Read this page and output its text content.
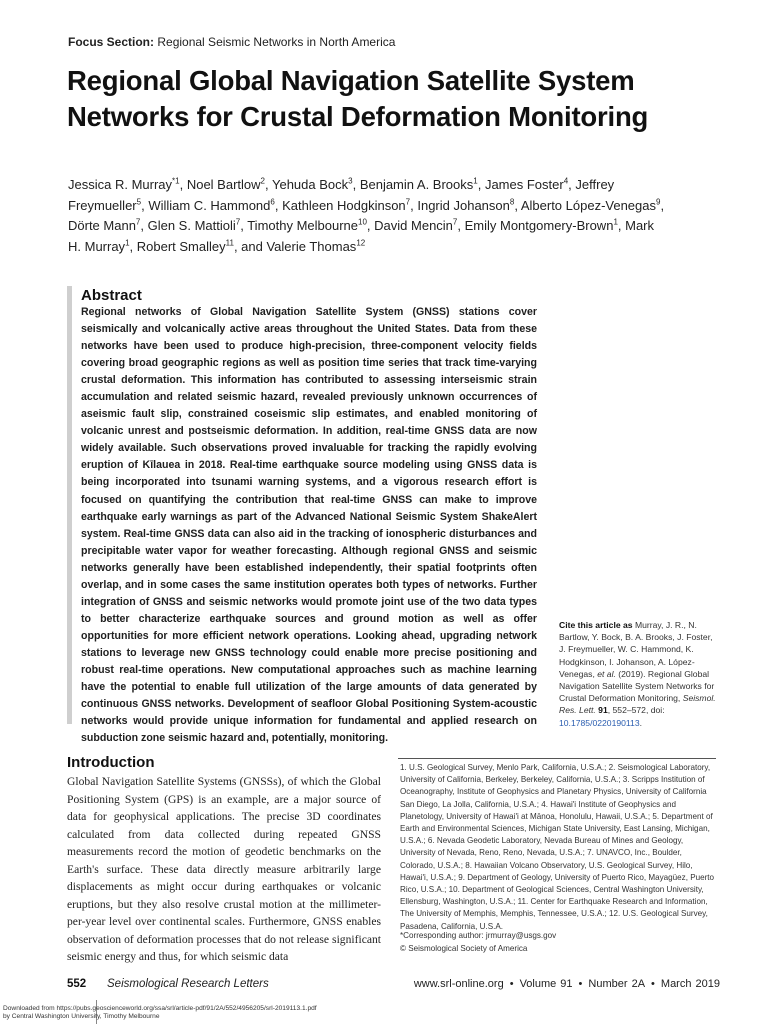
Focus Section: Regional Seismic Networks in North America
Regional Global Navigation Satellite System Networks for Crustal Deformation Monitoring
Jessica R. Murray$^{*1}$, Noel Bartlow$^2$, Yehuda Bock$^3$, Benjamin A. Brooks$^1$, James Foster$^4$, Jeffrey Freymueller$^5$, William C. Hammond$^6$, Kathleen Hodgkinson$^7$, Ingrid Johanson$^8$, Alberto López-Venegas$^9$, Dörte Mann$^7$, Glen S. Mattioli$^7$, Timothy Melbourne$^{10}$, David Mencin$^7$, Emily Montgomery-Brown$^1$, Mark H. Murray$^1$, Robert Smalley$^{11}$, and Valerie Thomas$^{12}$
Abstract
Regional networks of Global Navigation Satellite System (GNSS) stations cover seismically and volcanically active areas throughout the United States. Data from these networks have been used to produce high-precision, three-component velocity fields covering broad geographic regions as well as position time series that track time-varying crustal deformation. This information has contributed to assessing interseismic strain accumulation and related seismic hazard, revealed previously unknown occurrences of aseismic fault slip, constrained coseismic slip estimates, and enabled monitoring of volcanic unrest and postseismic deformation. In addition, real-time GNSS data are now widely available. Such observations proved invaluable for tracking the rapidly evolving eruption of Kīlauea in 2018. Real-time earthquake source modeling using GNSS data is being incorporated into tsunami warning systems, and a vigorous research effort is focused on quantifying the contribution that real-time GNSS can make to improve earthquake early warnings as part of the Advanced National Seismic System ShakeAlert system. Real-time GNSS data can also aid in the tracking of ionospheric disturbances and precipitable water vapor for weather forecasting. Although regional GNSS and seismic networks generally have been established independently, their spatial footprints often overlap, and in some cases the same institution operates both types of networks. Further integration of GNSS and seismic networks would promote joint use of the two data types to better characterize earthquake sources and ground motion as well as offer opportunities for more efficient network operations. Looking ahead, upgrading network stations to leverage new GNSS technology could enable more precise positioning and robust real-time operations. New computational approaches such as machine learning have the potential to enable full utilization of the large amounts of data generated by continuous GNSS networks. Development of seafloor Global Positioning System-acoustic networks would provide unique information for fundamental and applied research on subduction zone seismic hazard and, potentially, monitoring.
Cite this article as Murray, J. R., N. Bartlow, Y. Bock, B. A. Brooks, J. Foster, J. Freymueller, W. C. Hammond, K. Hodgkinson, I. Johanson, A. López-Venegas, et al. (2019). Regional Global Navigation Satellite System Networks for Crustal Deformation Monitoring, Seismol. Res. Lett. 91, 552–572, doi: 10.1785/0220190113.
Introduction
Global Navigation Satellite Systems (GNSSs), of which the Global Positioning System (GPS) is an example, are a major source of data for geophysical applications. The precise 3D coordinates calculated from data collected during repeated GNSS measurements record the motion of geodetic benchmarks on the Earth's surface. These data directly measure arbitrarily large displacements as might occur during earthquakes or volcanic eruptions, but they also resolve crustal motion at the millimeter-per-year level over continental scales. Furthermore, GNSS enables observation of deformation processes that do not release significant seismic energy and thus, for which seismic data
1. U.S. Geological Survey, Menlo Park, California, U.S.A.; 2. Seismological Laboratory, University of California, Berkeley, Berkeley, California, U.S.A.; 3. Scripps Institution of Oceanography, Institute of Geophysics and Planetary Physics, University of California San Diego, La Jolla, California, U.S.A.; 4. Hawai'i Institute of Geophysics and Planetology, University of Hawai'i at Mānoa, Honolulu, Hawaii, U.S.A.; 5. Department of Earth and Environmental Sciences, Michigan State University, East Lansing, Michigan, U.S.A.; 6. Nevada Geodetic Laboratory, Nevada Bureau of Mines and Geology, University of Nevada, Reno, Reno, Nevada, U.S.A.; 7. UNAVCO, Inc., Boulder, Colorado, U.S.A.; 8. Hawaiian Volcano Observatory, U.S. Geological Survey, Hilo, Hawai'i, U.S.A.; 9. Department of Geology, University of Puerto Rico, Mayagüez, Puerto Rico, U.S.A.; 10. Department of Geological Sciences, Central Washington University, Ellensburg, Washington, U.S.A.; 11. Center for Earthquake Research and Information, The University of Memphis, Memphis, Tennessee, U.S.A.; 12. U.S. Geological Survey, Pasadena, California, U.S.A.
*Corresponding author: jrmurray@usgs.gov
© Seismological Society of America
552 Seismological Research Letters	www.srl-online.org • Volume 91 • Number 2A • March 2019
Downloaded from https://pubs.geoscienceworld.org/ssa/srl/article-pdf/91/2A/552/4956205/srl-2019113.1.pdf
by Central Washington University, Timothy Melbourne
